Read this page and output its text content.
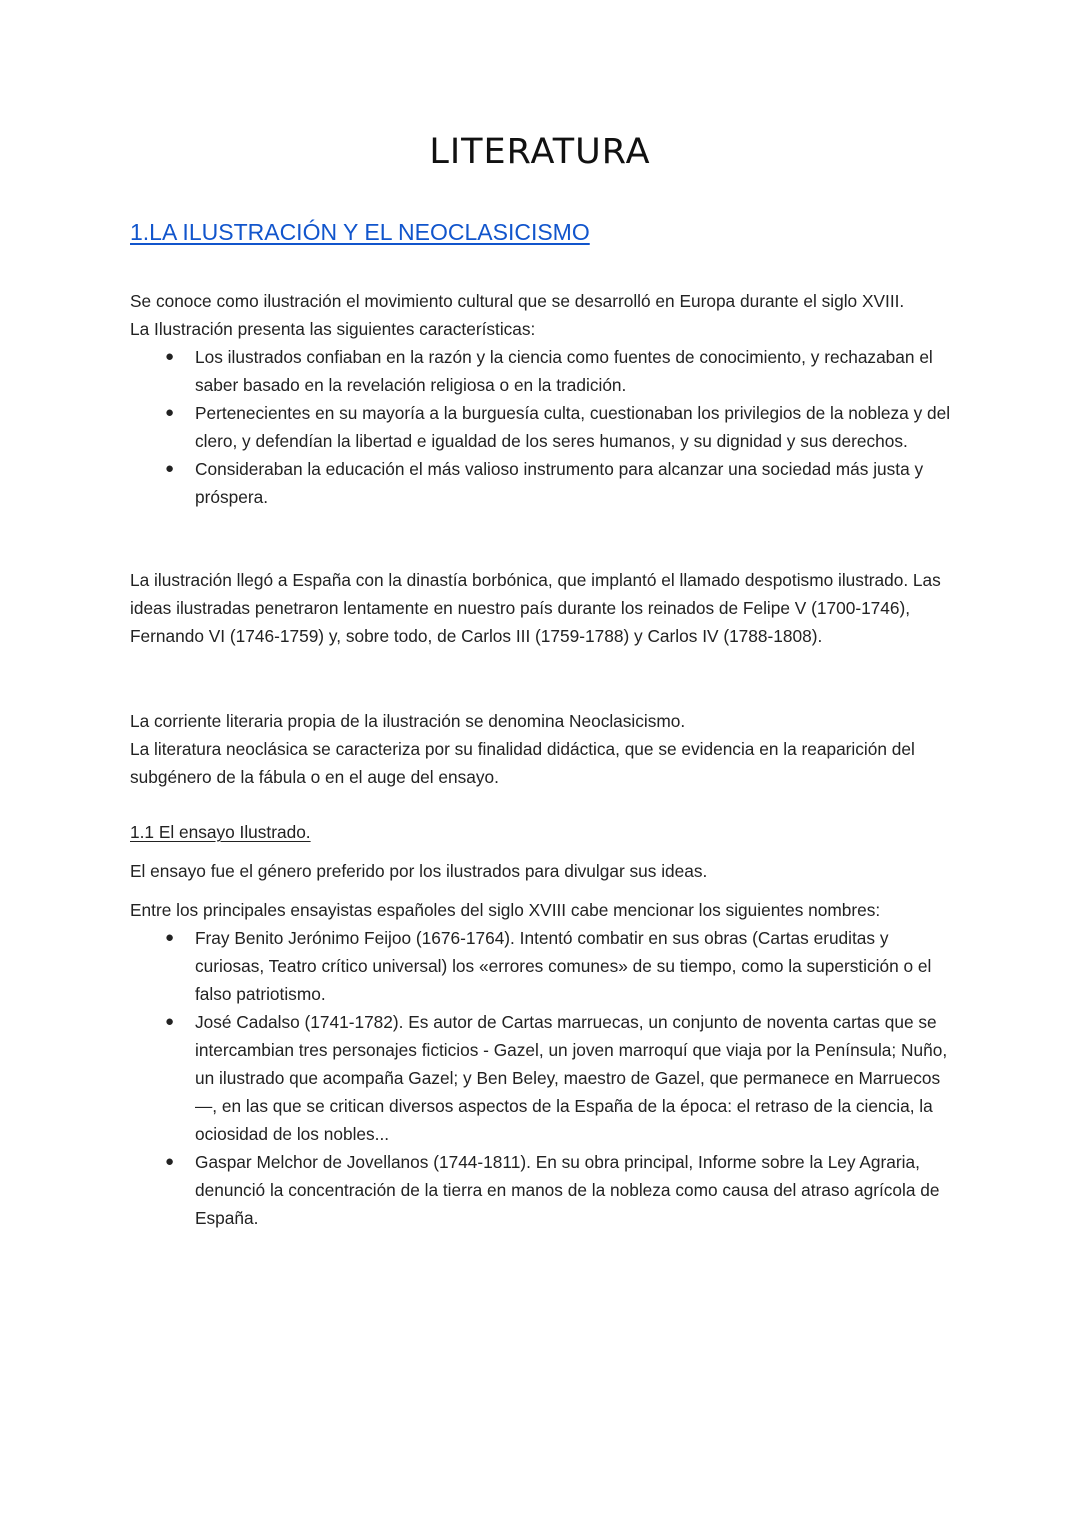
LITERATURA
1.LA ILUSTRACIÓN Y EL NEOCLASICISMO
Se conoce como ilustración el movimiento cultural que se desarrolló en Europa durante el siglo XVIII.
La Ilustración presenta las siguientes características:
● Los ilustrados confiaban en la razón y la ciencia como fuentes de conocimiento, y rechazaban el saber basado en la revelación religiosa o en la tradición.
● Pertenecientes en su mayoría a la burguesía culta, cuestionaban los privilegios de la nobleza y del clero, y defendían la libertad e igualdad de los seres humanos, y su dignidad y sus derechos.
● Consideraban la educación el más valioso instrumento para alcanzar una sociedad más justa y próspera.

La ilustración llegó a España con la dinastía borbónica, que implantó el llamado despotismo ilustrado. Las ideas ilustradas penetraron lentamente en nuestro país durante los reinados de Felipe V (1700-1746), Fernando VI (1746-1759) y, sobre todo, de Carlos III (1759-1788) y Carlos IV (1788-1808).

La corriente literaria propia de la ilustración se denomina Neoclasicismo.
La literatura neoclásica se caracteriza por su finalidad didáctica, que se evidencia en la reaparición del subgénero de la fábula o en el auge del ensayo.
1.1 El ensayo Ilustrado.

El ensayo fue el género preferido por los ilustrados para divulgar sus ideas.

Entre los principales ensayistas españoles del siglo XVIII cabe mencionar los siguientes nombres:
● Fray Benito Jerónimo Feijoo (1676-1764). Intentó combatir en sus obras (Cartas eruditas y curiosas, Teatro crítico universal) los «errores comunes» de su tiempo, como la superstición o el falso patriotismo.
● José Cadalso (1741-1782). Es autor de Cartas marruecas, un conjunto de noventa cartas que se intercambian tres personajes ficticios - Gazel, un joven marroquí que viaja por la Península; Nuño, un ilustrado que acompaña Gazel; y Ben Beley, maestro de Gazel, que permanece en Marruecos —, en las que se critican diversos aspectos de la España de la época: el retraso de la ciencia, la ociosidad de los nobles...
● Gaspar Melchor de Jovellanos (1744-1811). En su obra principal, Informe sobre la Ley Agraria, denunció la concentración de la tierra en manos de la nobleza como causa del atraso agrícola de España.
